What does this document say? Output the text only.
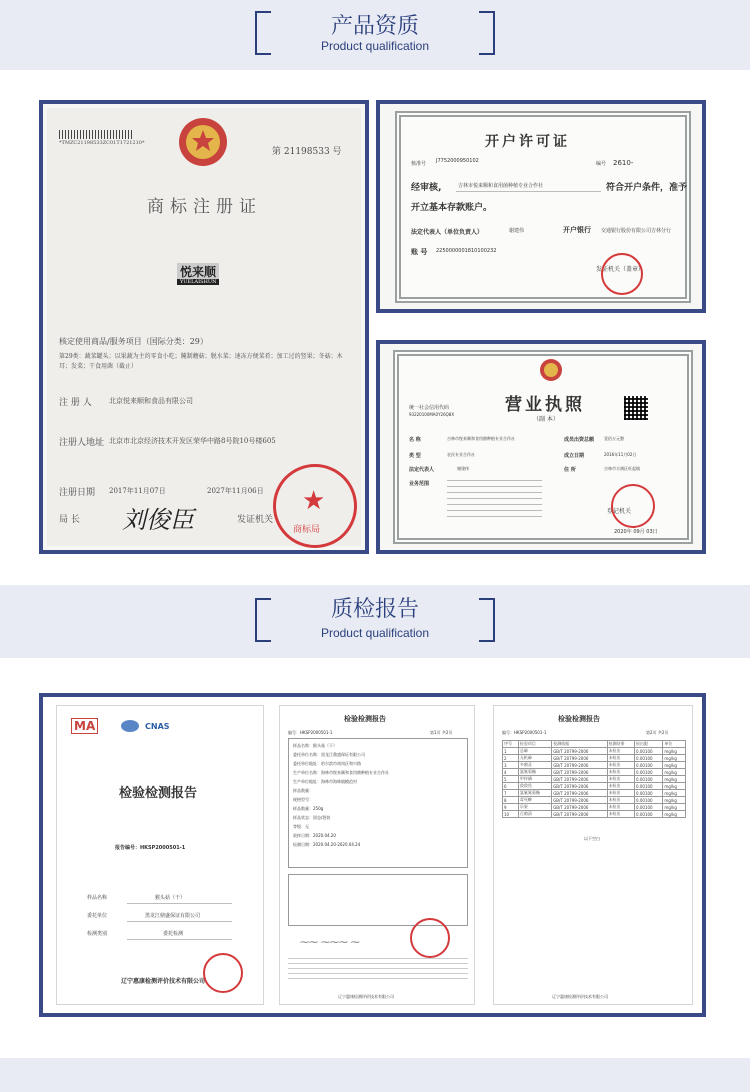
产品资质
Product qualification
*TMZC21198533ZC01T1721210*
第 21198533 号
商标注册证
悦来顺
YUELAISHUN
核定使用商品/服务项目（国际分类：29）
第29类：蔬菜罐头；以果蔬为主的零食小吃；腌制蘑菇；脱水菜；速冻方便菜肴；加工过的竖果；冬菇；木耳；发菜；干食用菌（截止）
注 册 人 北京悦来顺和食品有限公司
注册人地址 北京市北京经济技术开发区荣华中路8号院10号楼605
注册日期 2017年11月07日	2027年11月06日
局 长 刘俊臣	发证机关
★
商标局
开户许可证
核准号 J7752000950102	编号 2610-
经审核,	吉林市悦来顺和食用菌种植专业合作社	符合开户条件，准予
开立基本存款账户。
法定代表人（单位负责人）	谢建伟	开户银行 交通银行股份有限公司吉林分行
账 号 2250000001810100232
发证机关（盖章）
统一社会信用代码
93220100MA0Y26Q8X	营业执照
（副 本）
名 称	吉林市悦来顺和食用菌种植专业合作社
类 型	农民专业合作社
法定代表人	谢建伟
业务范围
成员出资总额 壹佰万元整
成立日期	2016年11月02日
住 所	吉林市丰满区旺起镇
登记机关
2020年 09月 03日
质检报告
Product qualification
MA	CNAS
检验检测报告
报告编号：HKSP2000501-1
样品名称	猴头菇（干）
委托单位	黑龙江鼎盛保证有限公司
检测类别	委托检测
辽宁惠康检测评价技术有限公司
检验检测报告
编号：HKSP2000501-1	第1页 共2页
样品名称：猴头菇（干）
委托单位名称：黑龙江鼎盛保证有限公司
委托单位地址：哈尔滨市南岗区和兴路
生产单位名称：海林市悦来顺和食用菌种植专业合作社
生产单位地址：海林市海林镇模范村
样品数量：
规格型号：
样品数量：250g
样品状态：固态/袋装
等级：无
收样日期：2020.04.20
检测日期：2020.04.20-2020.04.24
⁓⁓ ⁓⁓⁓ ⁓
辽宁惠康检测评价技术有限公司
检验检测报告
编号：HKSP2000501-1	第2页 共2页
序号	检验项目	检测依据	检测结果	检出限	单位
1	总砷	GB/T 20799-2006	未检出	0.00100	mg/kg
2	无机砷	GB/T 20799-2006	未检出	0.00100	mg/kg
3	多菌灵	GB/T 20799-2006	未检出	0.00100	mg/kg
4	氯氰菊酯	GB/T 20799-2006	未检出	0.00100	mg/kg
5	甲拌磷	GB/T 20799-2006	未检出	0.00100	mg/kg
6	敌敌畏	GB/T 20799-2006	未检出	0.00100	mg/kg
7	氯氟氰菊酯	GB/T 20799-2006	未检出	0.00100	mg/kg
8	毒死蜱	GB/T 20799-2006	未检出	0.00100	mg/kg
9	乐果	GB/T 20799-2006	未检出	0.00100	mg/kg
10	百菌清	GB/T 20799-2006	未检出	0.00100	mg/kg
以下空白
辽宁惠康检测评价技术有限公司
